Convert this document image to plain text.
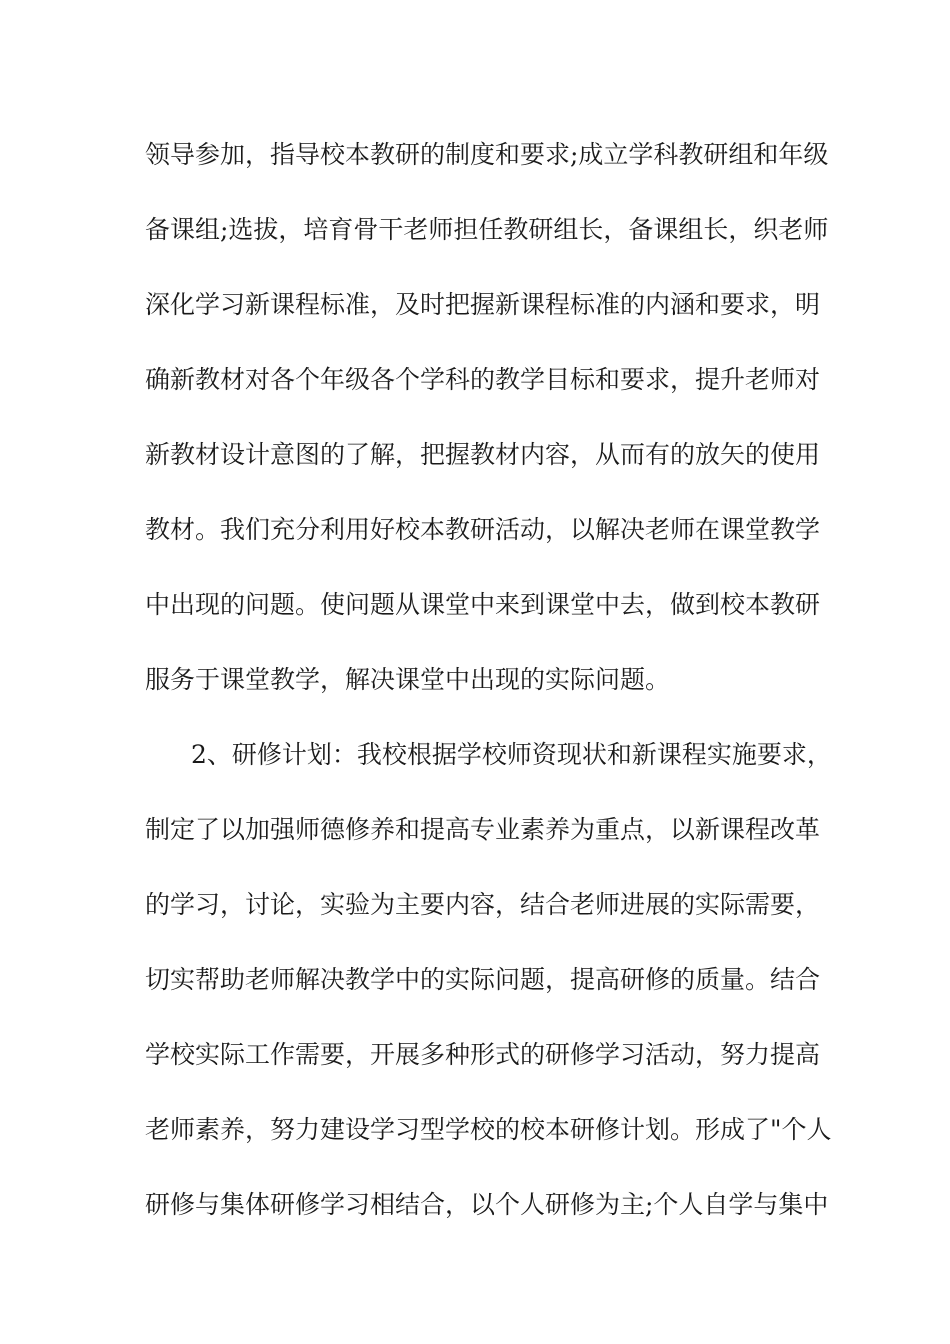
领导参加，指导校本教研的制度和要求;成立学科教研组和年级
备课组;选拔，培育骨干老师担任教研组长，备课组长，织老师
深化学习新课程标准，及时把握新课程标准的内涵和要求，明
确新教材对各个年级各个学科的教学目标和要求，提升老师对
新教材设计意图的了解，把握教材内容，从而有的放矢的使用
教材。我们充分利用好校本教研活动，以解决老师在课堂教学
中出现的问题。使问题从课堂中来到课堂中去，做到校本教研
服务于课堂教学，解决课堂中出现的实际问题。
2、研修计划：我校根据学校师资现状和新课程实施要求，
制定了以加强师德修养和提高专业素养为重点，以新课程改革
的学习，讨论，实验为主要内容，结合老师进展的实际需要，
切实帮助老师解决教学中的实际问题，提高研修的质量。结合
学校实际工作需要，开展多种形式的研修学习活动，努力提高
老师素养，努力建设学习型学校的校本研修计划。形成了"个人
研修与集体研修学习相结合，以个人研修为主;个人自学与集中
